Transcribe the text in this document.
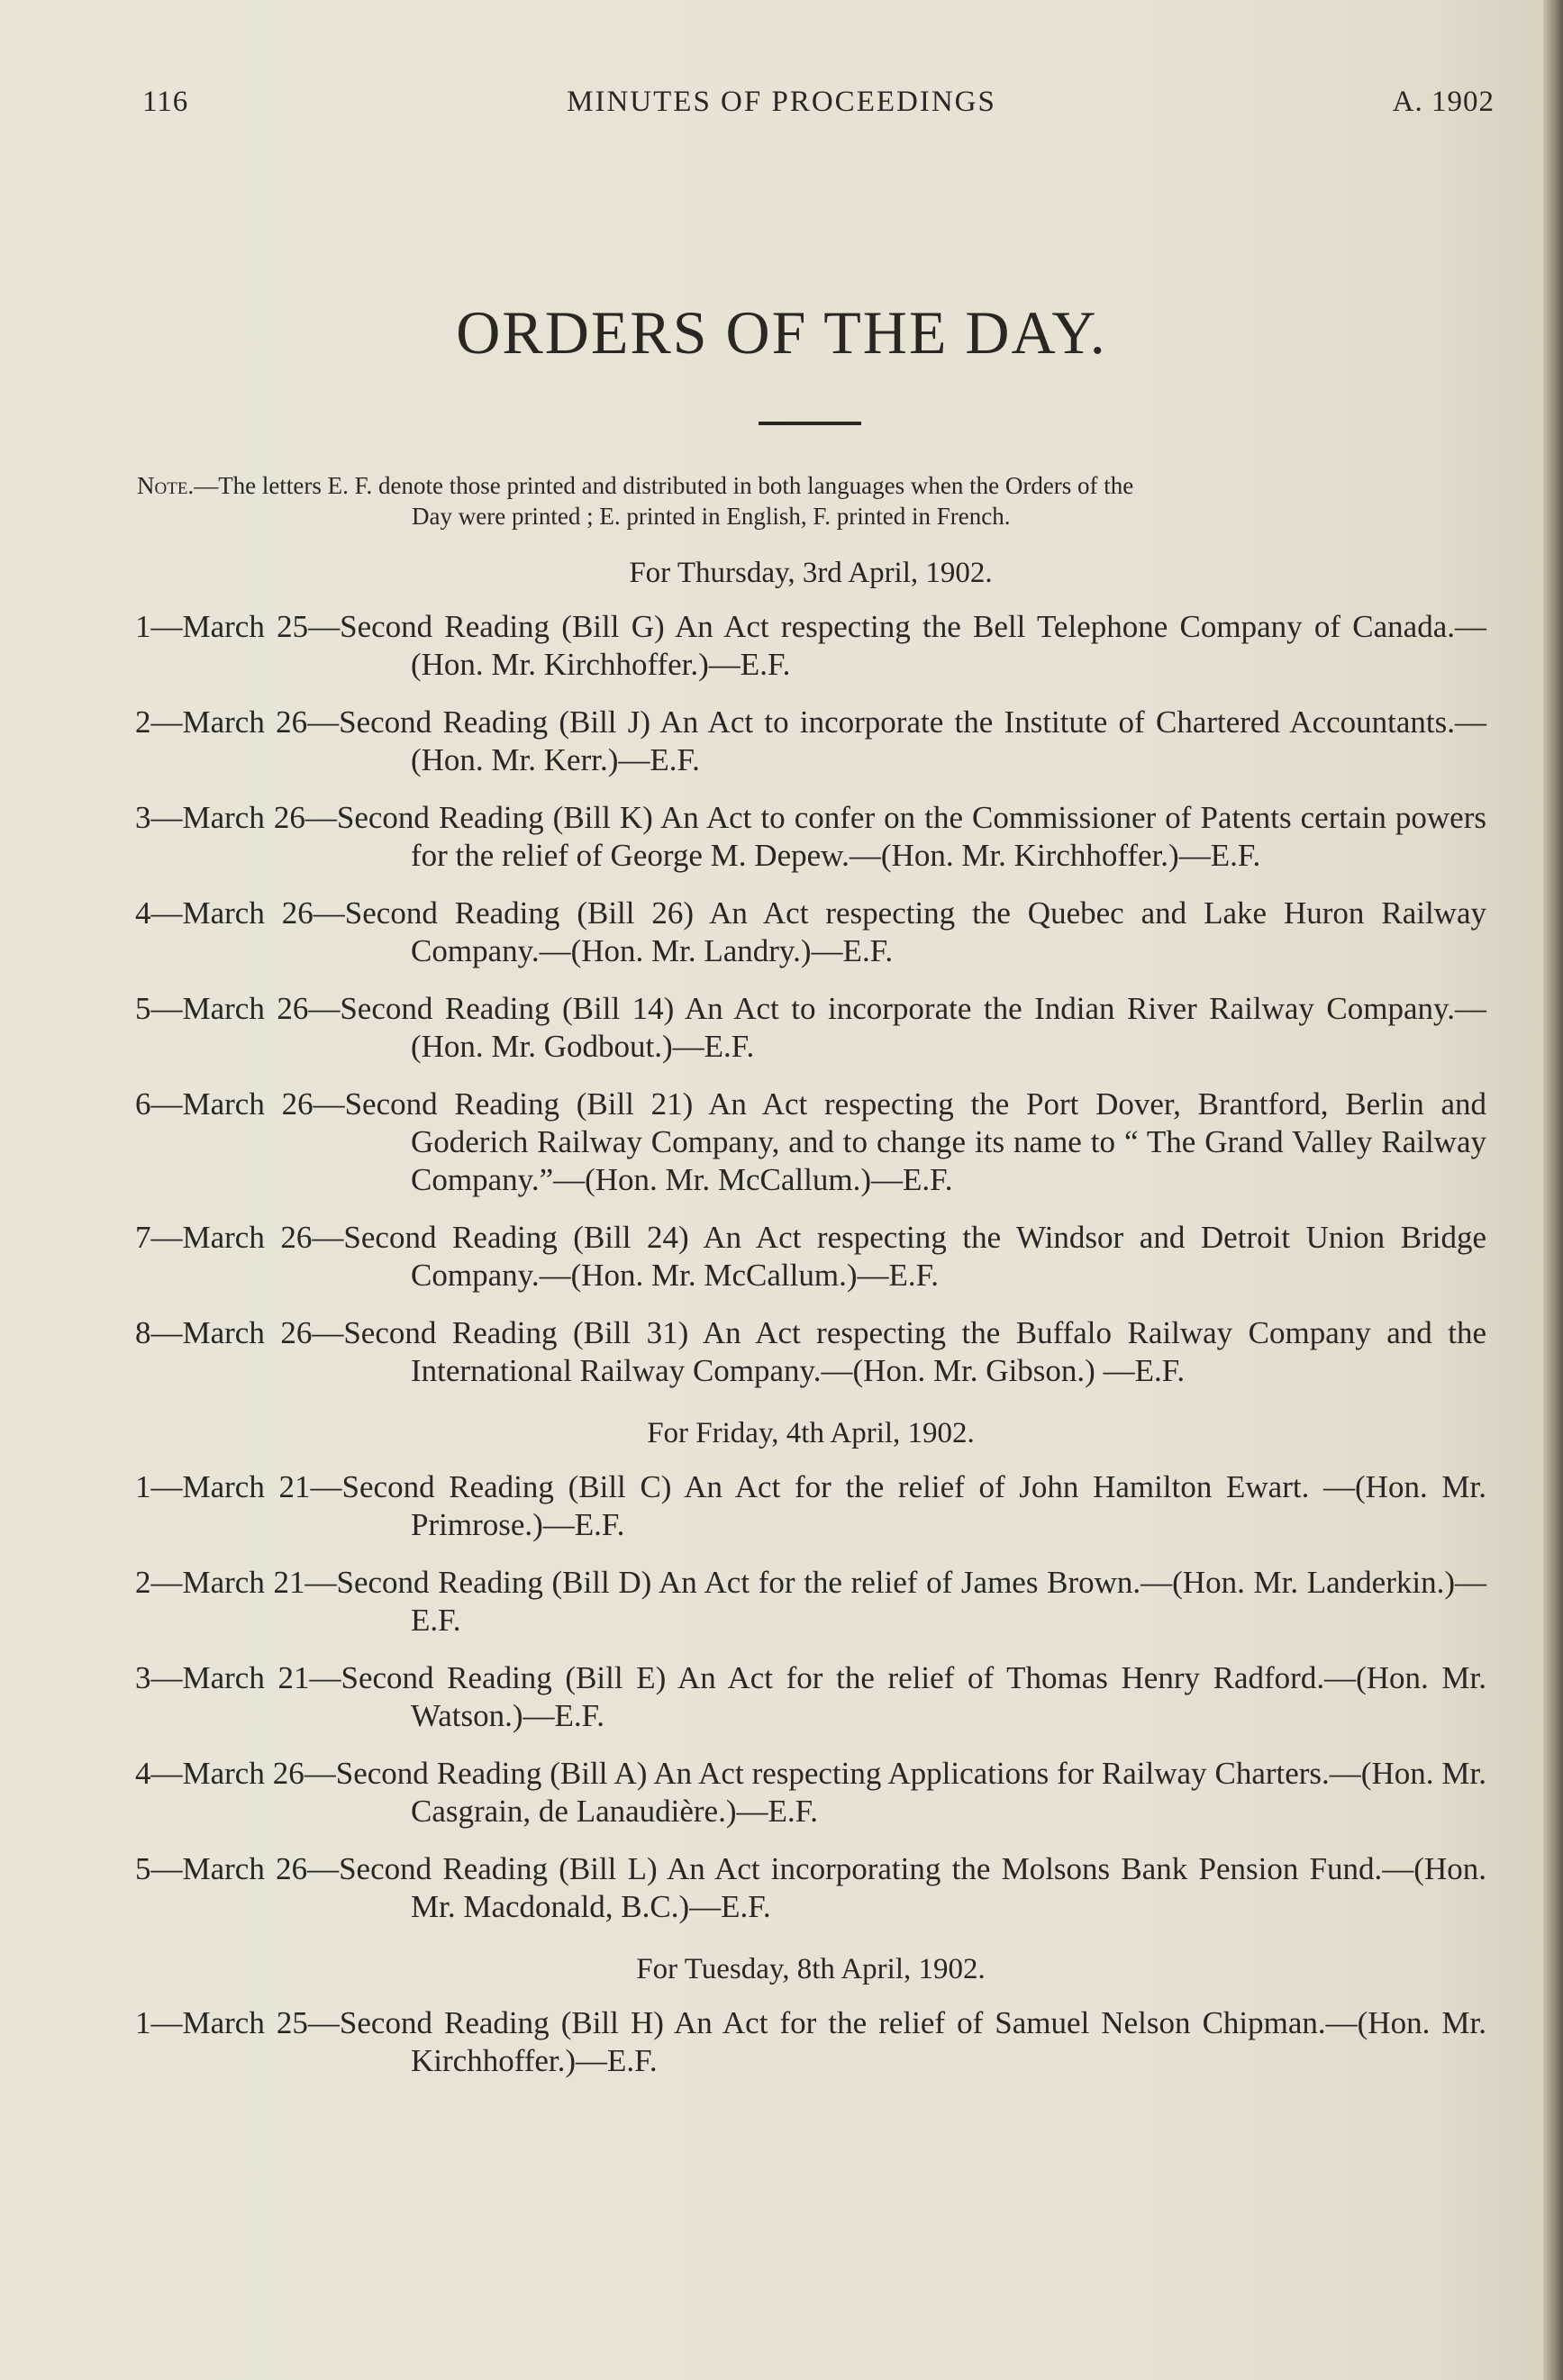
116	MINUTES OF PROCEEDINGS	A. 1902
ORDERS OF THE DAY.
Note.—The letters E. F. denote those printed and distributed in both languages when the Orders of the
Day were printed ; E. printed in English, F. printed in French.
For Thursday, 3rd April, 1902.
1—March 25—Second Reading (Bill G) An Act respecting the Bell Telephone Company of Canada.—(Hon. Mr. Kirchhoffer.)—E.F.
2—March 26—Second Reading (Bill J) An Act to incorporate the Institute of Chartered Accountants.—(Hon. Mr. Kerr.)—E.F.
3—March 26—Second Reading (Bill K) An Act to confer on the Commissioner of Patents certain powers for the relief of George M. Depew.—(Hon. Mr. Kirchhoffer.)—E.F.
4—March 26—Second Reading (Bill 26) An Act respecting the Quebec and Lake Huron Railway Company.—(Hon. Mr. Landry.)—E.F.
5—March 26—Second Reading (Bill 14) An Act to incorporate the Indian River Railway Company.—(Hon. Mr. Godbout.)—E.F.
6—March 26—Second Reading (Bill 21) An Act respecting the Port Dover, Brantford, Berlin and Goderich Railway Company, and to change its name to “ The Grand Valley Railway Company.”—(Hon. Mr. McCallum.)—E.F.
7—March 26—Second Reading (Bill 24) An Act respecting the Windsor and Detroit Union Bridge Company.—(Hon. Mr. McCallum.)—E.F.
8—March 26—Second Reading (Bill 31) An Act respecting the Buffalo Railway Company and the International Railway Company.—(Hon. Mr. Gibson.) —E.F.
For Friday, 4th April, 1902.
1—March 21—Second Reading (Bill C) An Act for the relief of John Hamilton Ewart. —(Hon. Mr. Primrose.)—E.F.
2—March 21—Second Reading (Bill D) An Act for the relief of James Brown.—(Hon. Mr. Landerkin.)—E.F.
3—March 21—Second Reading (Bill E) An Act for the relief of Thomas Henry Radford.—(Hon. Mr. Watson.)—E.F.
4—March 26—Second Reading (Bill A) An Act respecting Applications for Railway Charters.—(Hon. Mr. Casgrain, de Lanaudière.)—E.F.
5—March 26—Second Reading (Bill L) An Act incorporating the Molsons Bank Pension Fund.—(Hon. Mr. Macdonald, B.C.)—E.F.
For Tuesday, 8th April, 1902.
1—March 25—Second Reading (Bill H) An Act for the relief of Samuel Nelson Chipman.—(Hon. Mr. Kirchhoffer.)—E.F.
